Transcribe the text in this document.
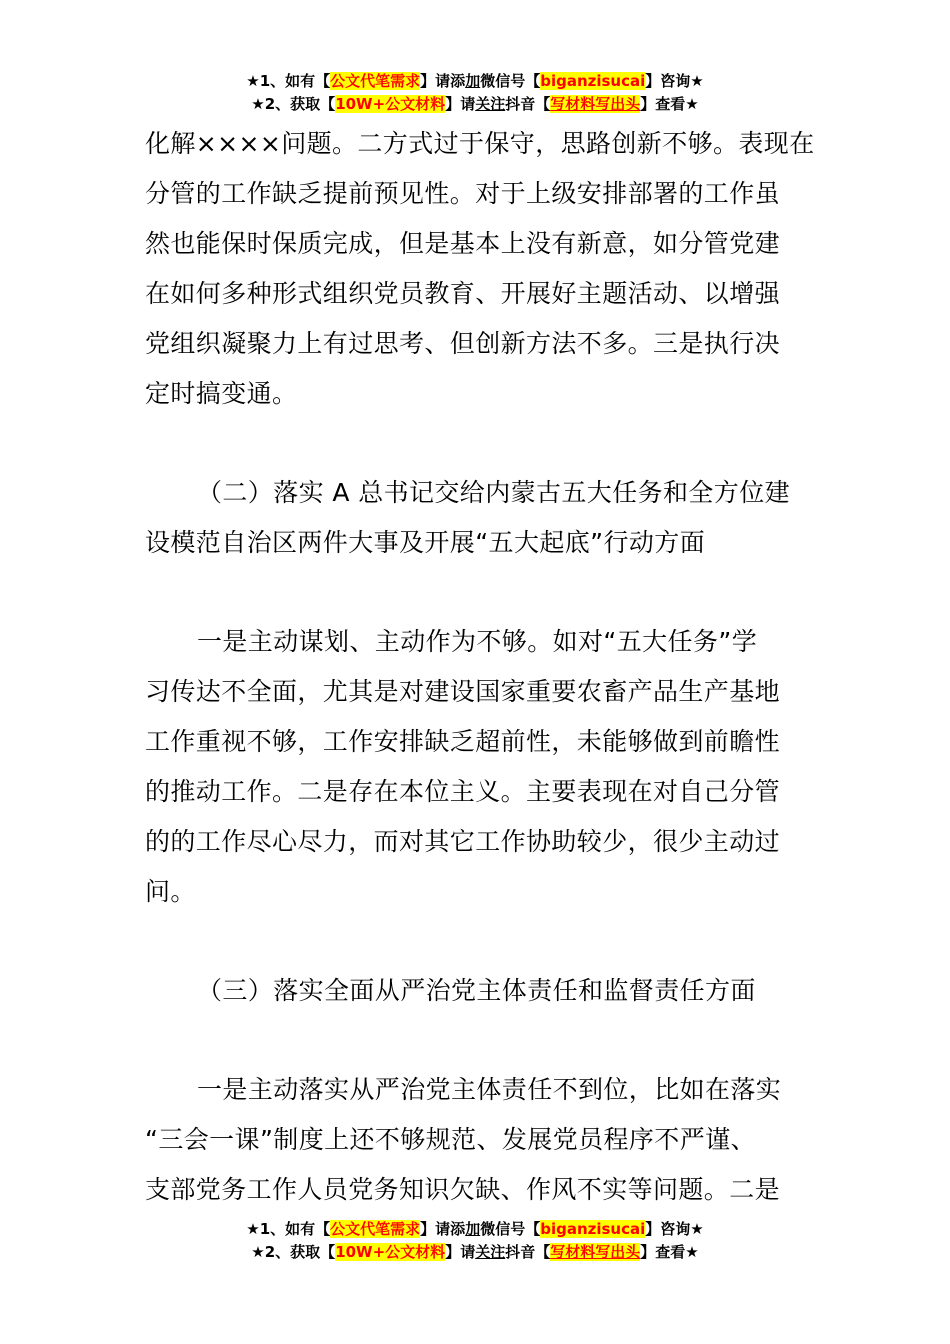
★1、如有【公文代笔需求】请添加微信号【biganzisucai】咨询★
★2、获取【10W+公文材料】请关注抖音【写材料写出头】查看★
化解××××问题。二方式过于保守，思路创新不够。表现在
分管的工作缺乏提前预见性。对于上级安排部署的工作虽
然也能保时保质完成，但是基本上没有新意，如分管党建
在如何多种形式组织党员教育、开展好主题活动、以增强
党组织凝聚力上有过思考、但创新方法不多。三是执行决
定时搞变通。
（二）落实 A 总书记交给内蒙古五大任务和全方位建
设模范自治区两件大事及开展“五大起底”行动方面
一是主动谋划、主动作为不够。如对“五大任务”学
习传达不全面，尤其是对建设国家重要农畜产品生产基地
工作重视不够，工作安排缺乏超前性，未能够做到前瞻性
的推动工作。二是存在本位主义。主要表现在对自己分管
的的工作尽心尽力，而对其它工作协助较少，很少主动过
问。
（三）落实全面从严治党主体责任和监督责任方面
一是主动落实从严治党主体责任不到位，比如在落实
“三会一课”制度上还不够规范、发展党员程序不严谨、
支部党务工作人员党务知识欠缺、作风不实等问题。二是
★1、如有【公文代笔需求】请添加微信号【biganzisucai】咨询★
★2、获取【10W+公文材料】请关注抖音【写材料写出头】查看★
